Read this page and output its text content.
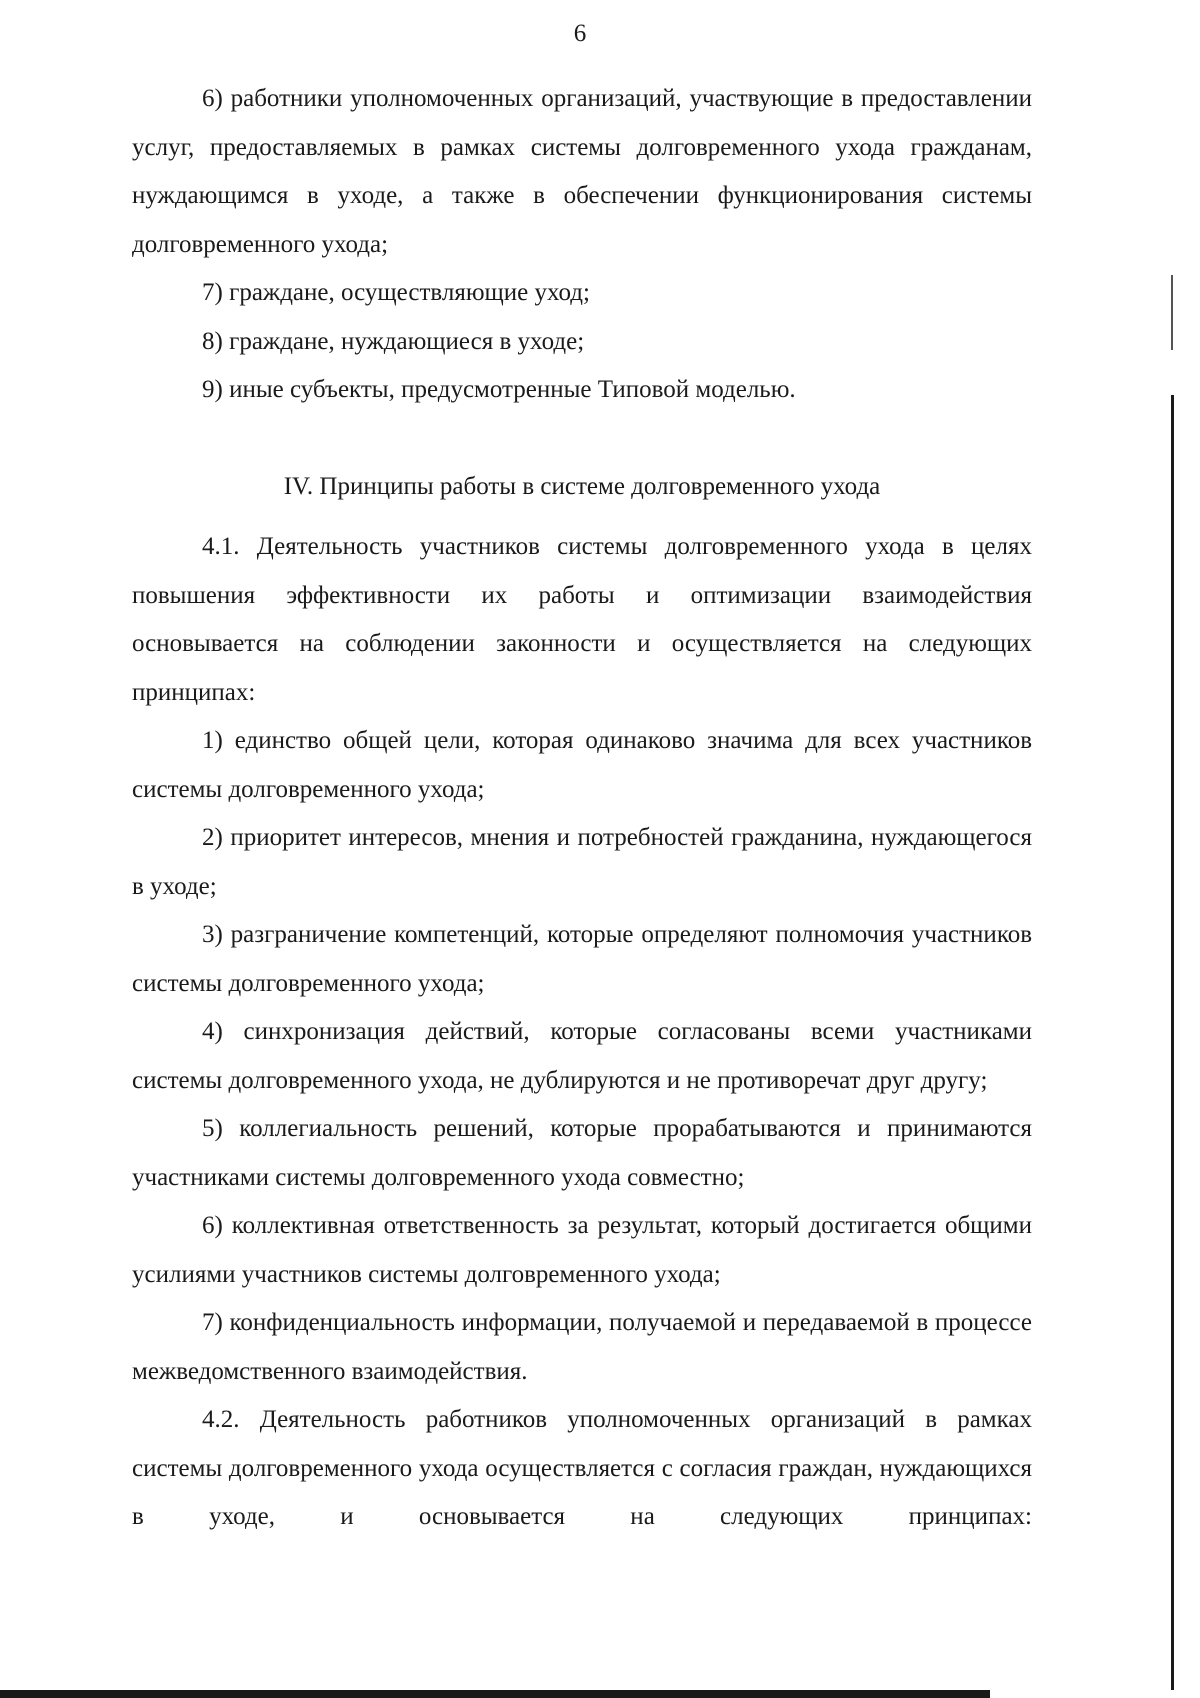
6

6) работники уполномоченных организаций, участвующие в предоставлении услуг, предоставляемых в рамках системы долговременного ухода гражданам, нуждающимся в уходе, а также в обеспечении функционирования системы долговременного ухода;

7) граждане, осуществляющие уход;

8) граждане, нуждающиеся в уходе;

9) иные субъекты, предусмотренные Типовой моделью.

IV. Принципы работы в системе долговременного ухода

4.1. Деятельность участников системы долговременного ухода в целях повышения эффективности их работы и оптимизации взаимодействия основывается на соблюдении законности и осуществляется на следующих принципах:

1) единство общей цели, которая одинаково значима для всех участников системы долговременного ухода;

2) приоритет интересов, мнения и потребностей гражданина, нуждающегося в уходе;

3) разграничение компетенций, которые определяют полномочия участников системы долговременного ухода;

4) синхронизация действий, которые согласованы всеми участниками системы долговременного ухода, не дублируются и не противоречат друг другу;

5) коллегиальность решений, которые прорабатываются и принимаются участниками системы долговременного ухода совместно;

6) коллективная ответственность за результат, который достигается общими усилиями участников системы долговременного ухода;

7) конфиденциальность информации, получаемой и передаваемой в процессе межведомственного взаимодействия.

4.2. Деятельность работников уполномоченных организаций в рамках системы долговременного ухода осуществляется с согласия граждан, нуждающихся в уходе, и основывается на следующих принципах:
